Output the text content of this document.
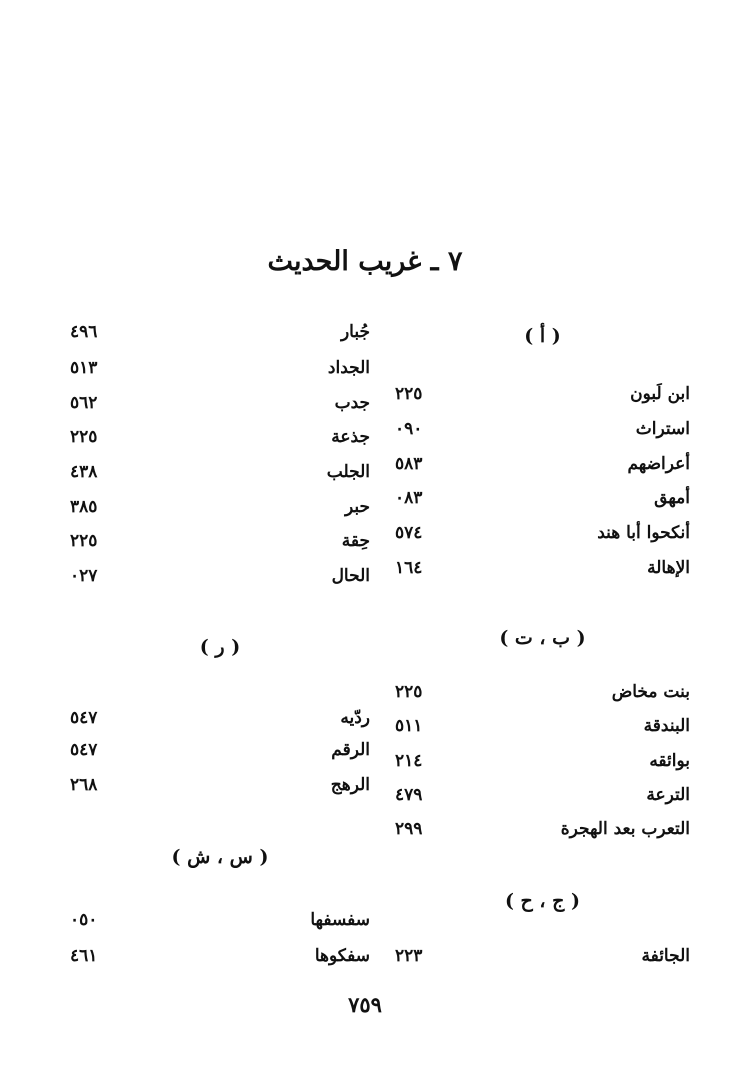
٧ ـ غريب الحديث
( أ )
ابن لَبون
٢٢٥
استراث
٠٩٠
أعراضهم
٥٨٣
أمهق
٠٨٣
أنكحوا أبا هند
٥٧٤
الإهالة
١٦٤
( ب ، ت )
بنت مخاض
٢٢٥
البندقة
٥١١
بوائقه
٢١٤
الترعة
٤٧٩
التعرب بعد الهجرة
٢٩٩
( ج ، ح )
الجائفة
٢٢٣
جُبار
٤٩٦
الجداد
٥١٣
جدب
٥٦٢
جذعة
٢٢٥
الجلب
٤٣٨
حبر
٣٨٥
حِقة
٢٢٥
الحال
٠٢٧
( ر )
ردّيه
٥٤٧
الرقم
٥٤٧
الرهج
٢٦٨
( س ، ش )
سفسفها
٠٥٠
سفكوها
٤٦١
٧٥٩
